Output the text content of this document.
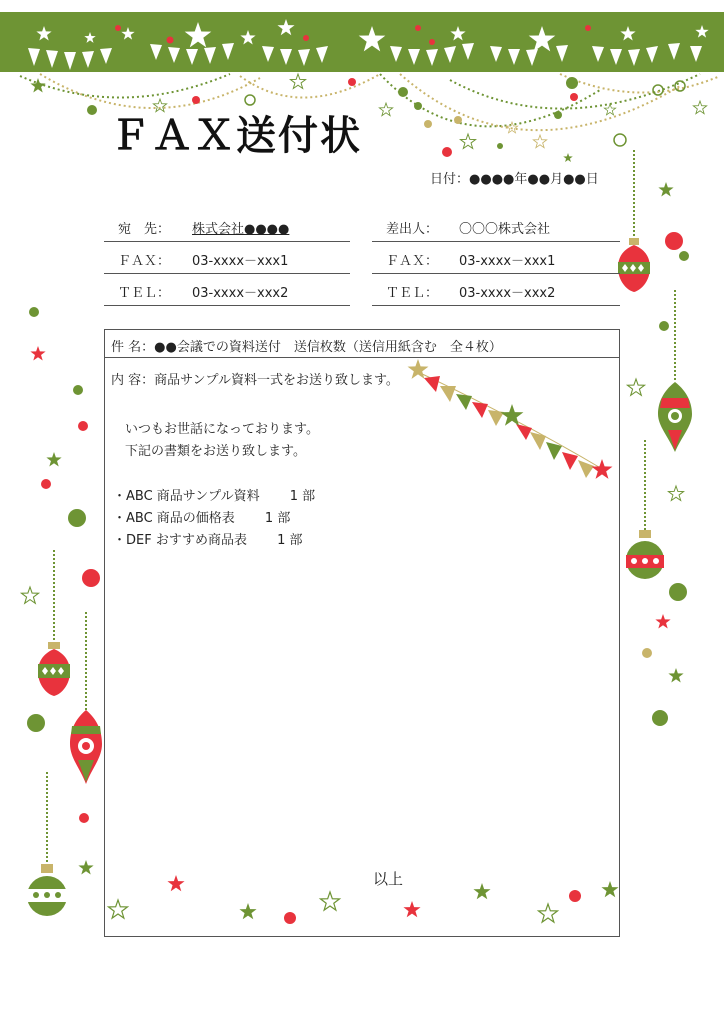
ＦＡＸ送付状
日付：●●●●年●●月●●日
宛　先： 株式会社●●●●
ＦＡＸ： 03-xxxx－xxx1
ＴＥＬ： 03-xxxx－xxx2
差出人： 〇〇〇株式会社
ＦＡＸ： 03-xxxx－xxx1
ＴＥＬ： 03-xxxx－xxx2
件 名：●●会議での資料送付　送信枚数（送信用紙含む　全４枚）
内 容：商品サンプル資料一式をお送り致します。
いつもお世話になっております。
下記の書類をお送り致します。
・ABC 商品サンプル資料　　 1 部
・ABC 商品の価格表　　 1 部
・DEF おすすめ商品表　　 1 部
以上
